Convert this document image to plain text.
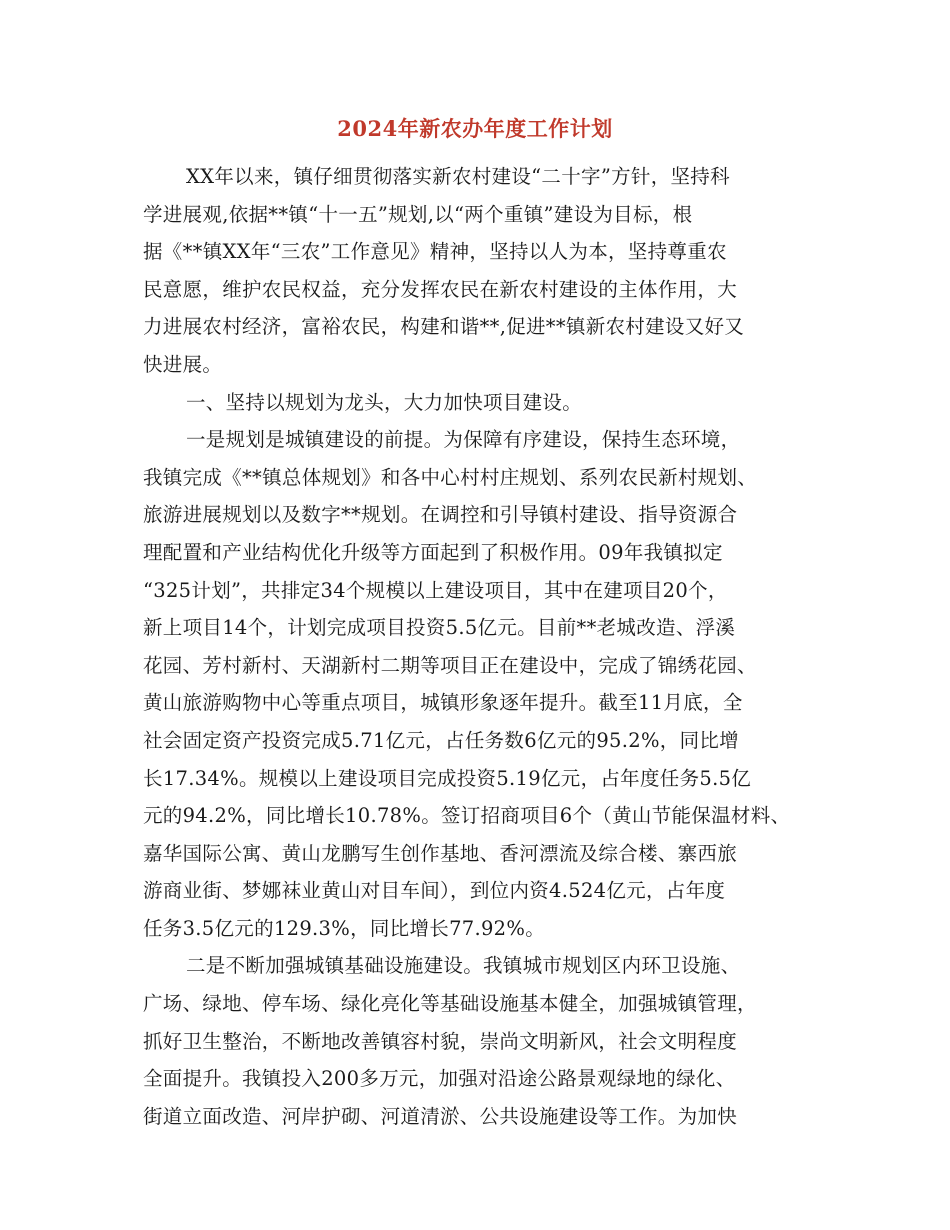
2024年新农办年度工作计划
XX年以来，镇仔细贯彻落实新农村建设“二十字”方针，坚持科
学进展观,依据**镇“十一五”规划,以“两个重镇”建设为目标，根
据《**镇XX年“三农”工作意见》精神，坚持以人为本，坚持尊重农
民意愿，维护农民权益，充分发挥农民在新农村建设的主体作用，大
力进展农村经济，富裕农民，构建和谐**,促进**镇新农村建设又好又
快进展。
一、坚持以规划为龙头，大力加快项目建设。
一是规划是城镇建设的前提。为保障有序建设，保持生态环境，
我镇完成《**镇总体规划》和各中心村村庄规划、系列农民新村规划、
旅游进展规划以及数字**规划。在调控和引导镇村建设、指导资源合
理配置和产业结构优化升级等方面起到了积极作用。09年我镇拟定
“325计划”，共排定34个规模以上建设项目，其中在建项目20个，
新上项目14个，计划完成项目投资5.5亿元。目前**老城改造、浮溪
花园、芳村新村、天湖新村二期等项目正在建设中，完成了锦绣花园、
黄山旅游购物中心等重点项目，城镇形象逐年提升。截至11月底，全
社会固定资产投资完成5.71亿元，占任务数6亿元的95.2%，同比增
长17.34%。规模以上建设项目完成投资5.19亿元，占年度任务5.5亿
元的94.2%，同比增长10.78%。签订招商项目6个（黄山节能保温材料、
嘉华国际公寓、黄山龙鹏写生创作基地、香河漂流及综合楼、寨西旅
游商业街、梦娜袜业黄山对目车间），到位内资4.524亿元，占年度
任务3.5亿元的129.3%，同比增长77.92%。
二是不断加强城镇基础设施建设。我镇城市规划区内环卫设施、
广场、绿地、停车场、绿化亮化等基础设施基本健全，加强城镇管理，
抓好卫生整治，不断地改善镇容村貌，崇尚文明新风，社会文明程度
全面提升。我镇投入200多万元，加强对沿途公路景观绿地的绿化、
街道立面改造、河岸护砌、河道清淤、公共设施建设等工作。为加快
